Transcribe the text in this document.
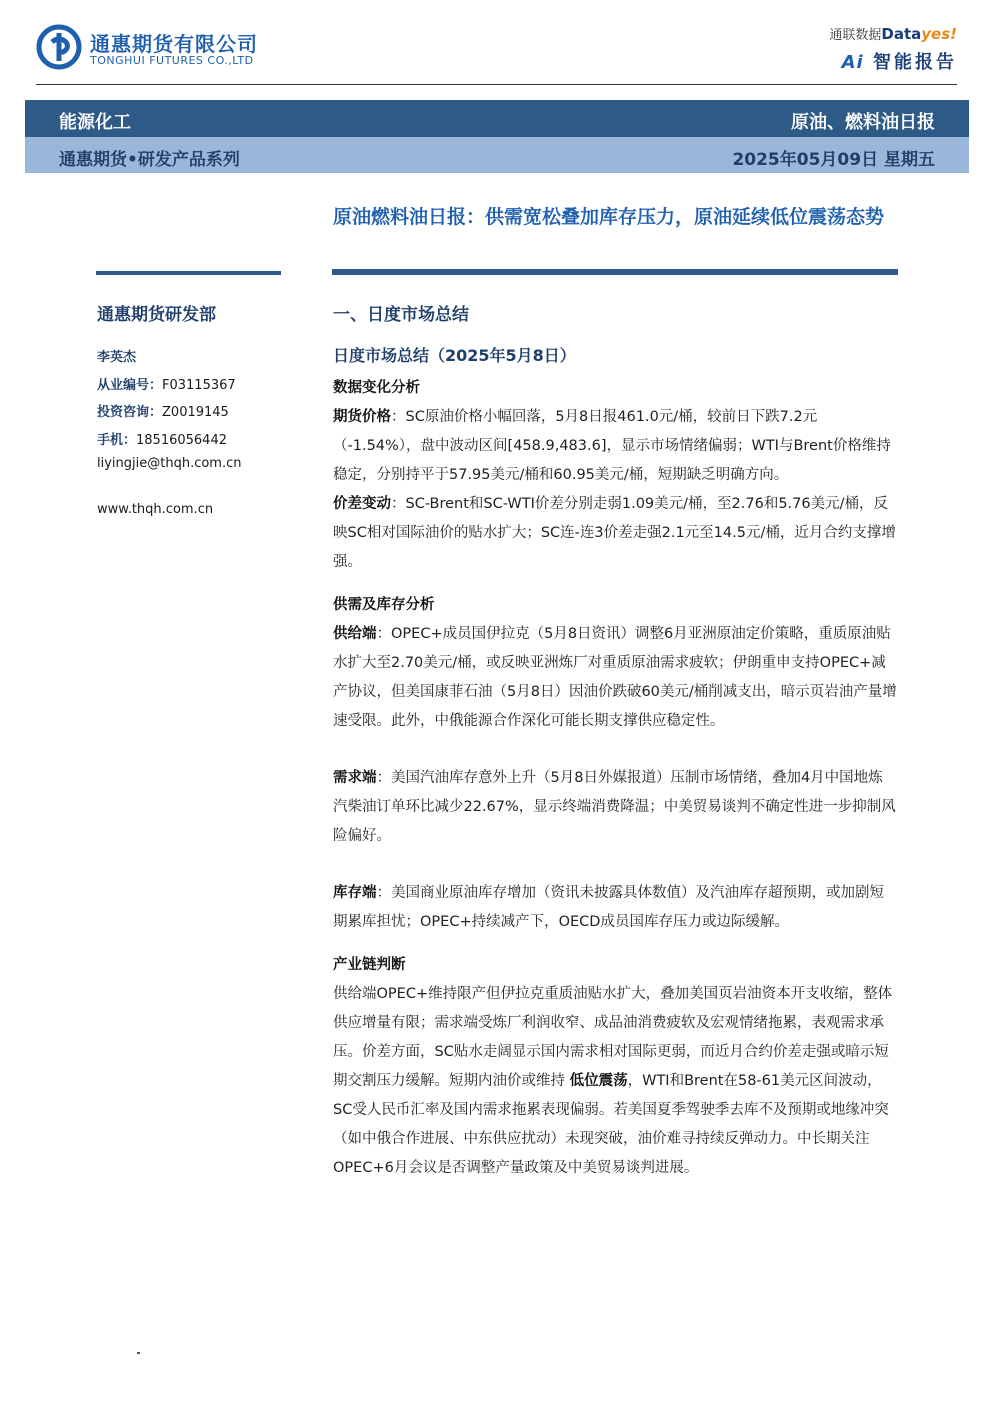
通惠期货有限公司
TONGHUI FUTURES CO.,LTD
通联数据Datayes!
Ai 智能报告
能源化工	原油、燃料油日报
通惠期货•研发产品系列	2025年05月09日 星期五
通惠期货研发部
李英杰
从业编号：F03115367
投资咨询：Z0019145
手机：18516056442
liyingjie@thqh.com.cn
www.thqh.com.cn
原油燃料油日报：供需宽松叠加库存压力，原油延续低位震荡态势
一、日度市场总结

日度市场总结（2025年5月8日）

数据变化分析

期货价格：SC原油价格小幅回落，5月8日报461.0元/桶，较前日下跌7.2元（-1.54%），盘中波动区间[458.9,483.6]，显示市场情绪偏弱；WTI与Brent价格维持稳定，分别持平于57.95美元/桶和60.95美元/桶，短期缺乏明确方向。

价差变动：SC-Brent和SC-WTI价差分别走弱1.09美元/桶，至2.76和5.76美元/桶，反映SC相对国际油价的贴水扩大；SC连-连3价差走强2.1元至14.5元/桶，近月合约支撑增强。

供需及库存分析

供给端：OPEC+成员国伊拉克（5月8日资讯）调整6月亚洲原油定价策略，重质原油贴水扩大至2.70美元/桶，或反映亚洲炼厂对重质原油需求疲软；伊朗重申支持OPEC+减产协议，但美国康菲石油（5月8日）因油价跌破60美元/桶削减支出，暗示页岩油产量增速受限。此外，中俄能源合作深化可能长期支撑供应稳定性。

需求端：美国汽油库存意外上升（5月8日外媒报道）压制市场情绪，叠加4月中国地炼汽柴油订单环比减少22.67%，显示终端消费降温；中美贸易谈判不确定性进一步抑制风险偏好。

库存端：美国商业原油库存增加（资讯未披露具体数值）及汽油库存超预期，或加剧短期累库担忧；OPEC+持续减产下，OECD成员国库存压力或边际缓解。

产业链判断

供给端OPEC+维持限产但伊拉克重质油贴水扩大，叠加美国页岩油资本开支收缩，整体供应增量有限；需求端受炼厂利润收窄、成品油消费疲软及宏观情绪拖累，表观需求承压。价差方面，SC贴水走阔显示国内需求相对国际更弱，而近月合约价差走强或暗示短期交割压力缓解。短期内油价或维持 低位震荡，WTI和Brent在58-61美元区间波动，SC受人民币汇率及国内需求拖累表现偏弱。若美国夏季驾驶季去库不及预期或地缘冲突（如中俄合作进展、中东供应扰动）未现突破，油价难寻持续反弹动力。中长期关注OPEC+6月会议是否调整产量政策及中美贸易谈判进展。
